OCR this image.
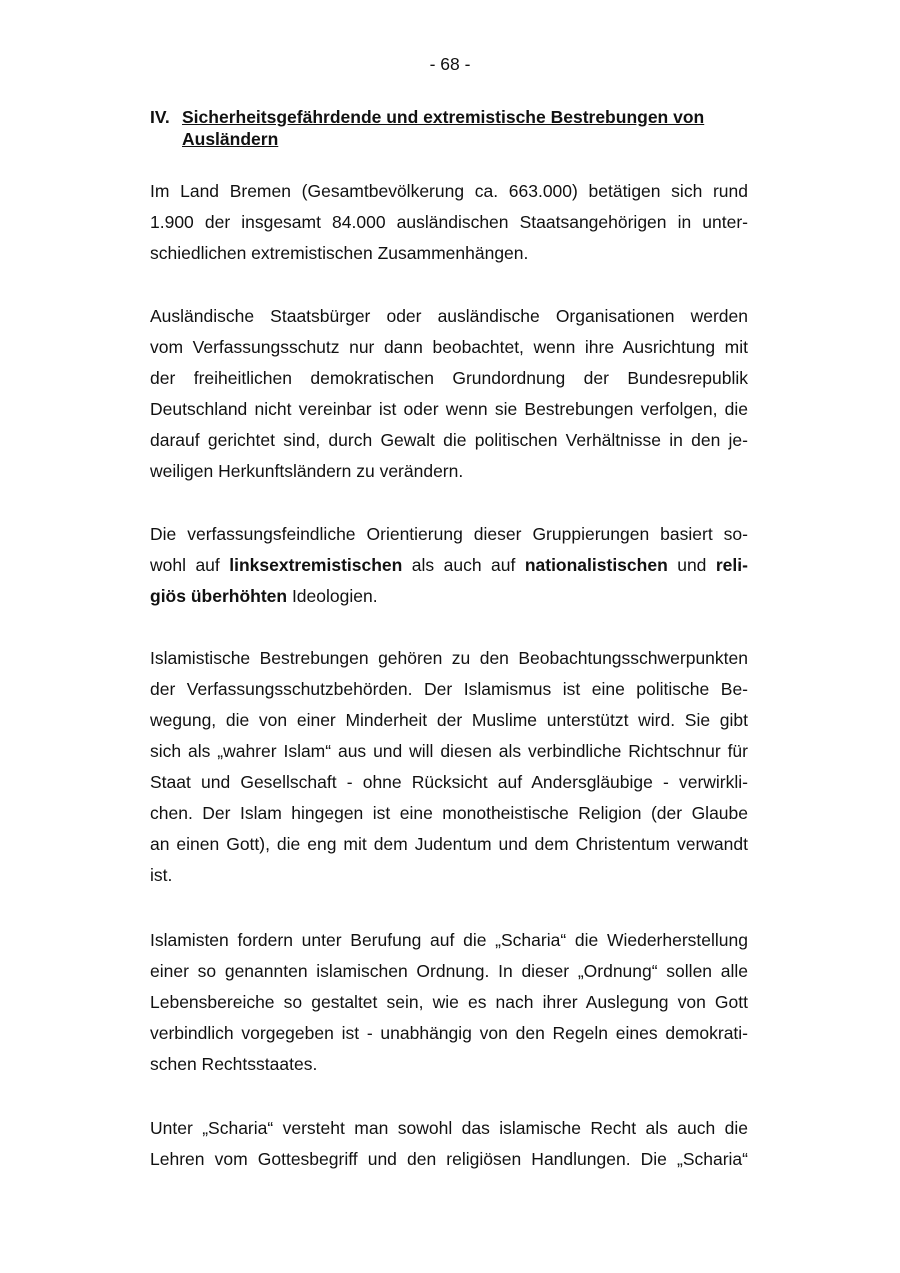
- 68 -
IV. Sicherheitsgefährdende und extremistische Bestrebungen von
Ausländern
Im Land Bremen (Gesamtbevölkerung ca. 663.000) betätigen sich rund
1.900 der insgesamt 84.000 ausländischen Staatsangehörigen in unter-
schiedlichen extremistischen Zusammenhängen.
Ausländische Staatsbürger oder ausländische Organisationen werden
vom Verfassungsschutz nur dann beobachtet, wenn ihre Ausrichtung mit
der freiheitlichen demokratischen Grundordnung der Bundesrepublik
Deutschland nicht vereinbar ist oder wenn sie Bestrebungen verfolgen, die
darauf gerichtet sind, durch Gewalt die politischen Verhältnisse in den je-
weiligen Herkunftsländern zu verändern.
Die verfassungsfeindliche Orientierung dieser Gruppierungen basiert so-
wohl auf linksextremistischen als auch auf nationalistischen und reli-
giös überhöhten Ideologien.
Islamistische Bestrebungen gehören zu den Beobachtungsschwerpunkten
der Verfassungsschutzbehörden. Der Islamismus ist eine politische Be-
wegung, die von einer Minderheit der Muslime unterstützt wird. Sie gibt
sich als „wahrer Islam“ aus und will diesen als verbindliche Richtschnur für
Staat und Gesellschaft - ohne Rücksicht auf Andersgläubige - verwirkli-
chen. Der Islam hingegen ist eine monotheistische Religion (der Glaube
an einen Gott), die eng mit dem Judentum und dem Christentum verwandt
ist.
Islamisten fordern unter Berufung auf die „Scharia“ die Wiederherstellung
einer so genannten islamischen Ordnung. In dieser „Ordnung“ sollen alle
Lebensbereiche so gestaltet sein, wie es nach ihrer Auslegung von Gott
verbindlich vorgegeben ist - unabhängig von den Regeln eines demokrati-
schen Rechtsstaates.
Unter „Scharia“ versteht man sowohl das islamische Recht als auch die
Lehren vom Gottesbegriff und den religiösen Handlungen. Die „Scharia“
